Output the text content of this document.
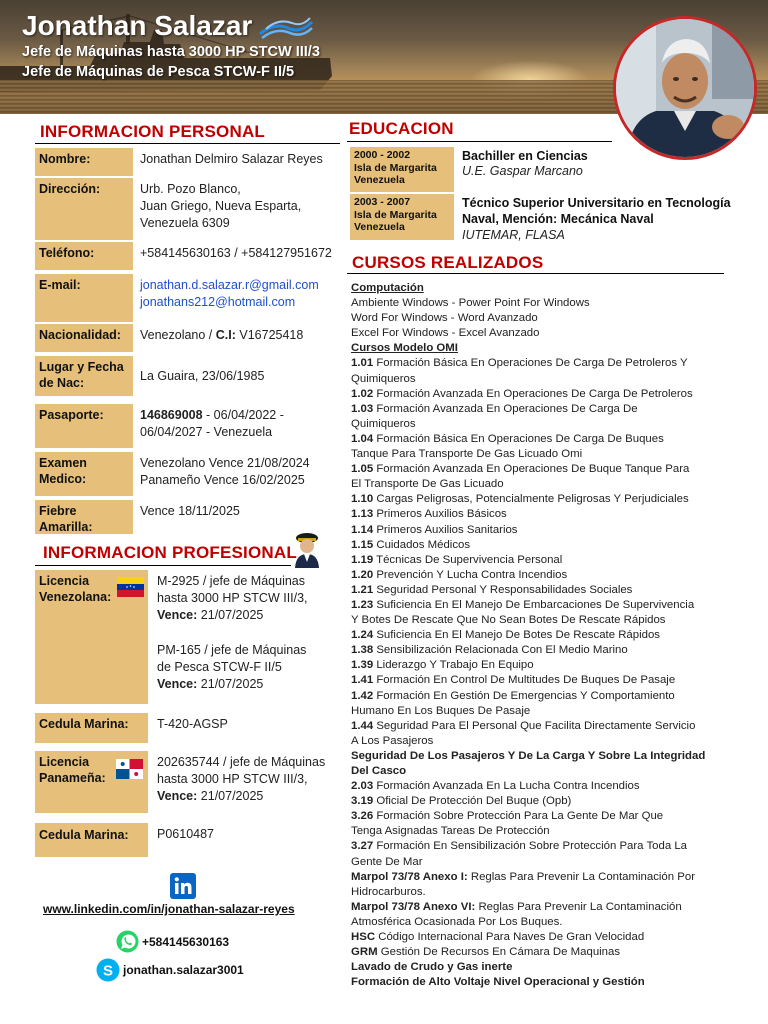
Jonathan Salazar
Jefe de Máquinas hasta 3000 HP STCW III/3
Jefe de Máquinas de Pesca STCW-F II/5
INFORMACION PERSONAL
Nombre:	Jonathan Delmiro Salazar Reyes
Dirección:	Urb. Pozo Blanco,
Juan Griego, Nueva Esparta,
Venezuela 6309
Teléfono:	+584145630163 / +584127951672
E-mail:	jonathan.d.salazar.r@gmail.com
jonathans212@hotmail.com
Nacionalidad:	Venezolano / C.I: V16725418
Lugar y Fecha
de Nac:	La Guaira, 23/06/1985
Pasaporte:	146869008 - 06/04/2022 - 06/04/2027 - Venezuela
Examen
Medico:
Venezolano Vence 21/08/2024
Panameño Vence 16/02/2025
Fiebre
Amarilla:
Vence 18/11/2025
INFORMACION PROFESIONAL
Licencia
Venezolana:
M-2925 / jefe de Máquinas
hasta 3000 HP STCW III/3,
Vence: 21/07/2025
PM-165 / jefe de Máquinas
de Pesca STCW-F II/5
Vence: 21/07/2025
Cedula Marina:	T-420-AGSP
Licencia
Panameña:
202635744 / jefe de Máquinas
hasta 3000 HP STCW III/3,
Vence: 21/07/2025
Cedula Marina:	P0610487
www.linkedin.com/in/jonathan-salazar-reyes
+584145630163
S jonathan.salazar3001
EDUCACION
2000 - 2002
Isla de Margarita
Venezuela
Bachiller en Ciencias
U.E. Gaspar Marcano
2003 - 2007
Isla de Margarita
Venezuela
Técnico Superior Universitario en Tecnología
Naval, Mención: Mecánica Naval
IUTEMAR, FLASA
CURSOS REALIZADOS
Computación
Ambiente Windows - Power Point For Windows
Word For Windows - Word Avanzado
Excel For Windows - Excel Avanzado
Cursos Modelo OMI
1.01 Formación Básica En Operaciones De Carga De Petroleros Y
Quimiqueros
1.02 Formación Avanzada En Operaciones De Carga De Petroleros
1.03 Formación Avanzada En Operaciones De Carga De
Quimiqueros
1.04 Formación Básica En Operaciones De Carga De Buques
Tanque Para Transporte De Gas Licuado Omi
1.05 Formación Avanzada En Operaciones De Buque Tanque Para
El Transporte De Gas Licuado
1.10 Cargas Peligrosas, Potencialmente Peligrosas Y Perjudiciales
1.13 Primeros Auxilios Básicos
1.14 Primeros Auxilios Sanitarios
1.15 Cuidados Médicos
1.19 Técnicas De Supervivencia Personal
1.20 Prevención Y Lucha Contra Incendios
1.21 Seguridad Personal Y Responsabilidades Sociales
1.23 Suficiencia En El Manejo De Embarcaciones De Supervivencia
Y Botes De Rescate Que No Sean Botes De Rescate Rápidos
1.24 Suficiencia En El Manejo De Botes De Rescate Rápidos
1.38 Sensibilización Relacionada Con El Medio Marino
1.39 Liderazgo Y Trabajo En Equipo
1.41 Formación En Control De Multitudes De Buques De Pasaje
1.42 Formación En Gestión De Emergencias Y Comportamiento
Humano En Los Buques De Pasaje
1.44 Seguridad Para El Personal Que Facilita Directamente Servicio
A Los Pasajeros
Seguridad De Los Pasajeros Y De La Carga Y Sobre La Integridad
Del Casco
2.03 Formación Avanzada En La Lucha Contra Incendios
3.19 Oficial De Protección Del Buque (Opb)
3.26 Formación Sobre Protección Para La Gente De Mar Que
Tenga Asignadas Tareas De Protección
3.27 Formación En Sensibilización Sobre Protección Para Toda La
Gente De Mar
Marpol 73/78 Anexo I: Reglas Para Prevenir La Contaminación Por
Hidrocarburos.
Marpol 73/78 Anexo VI: Reglas Para Prevenir La Contaminación
Atmosférica Ocasionada Por Los Buques.
HSC Código Internacional Para Naves De Gran Velocidad
GRM Gestión De Recursos En Cámara De Maquinas
Lavado de Crudo y Gas inerte
Formación de Alto Voltaje Nivel Operacional y Gestión
